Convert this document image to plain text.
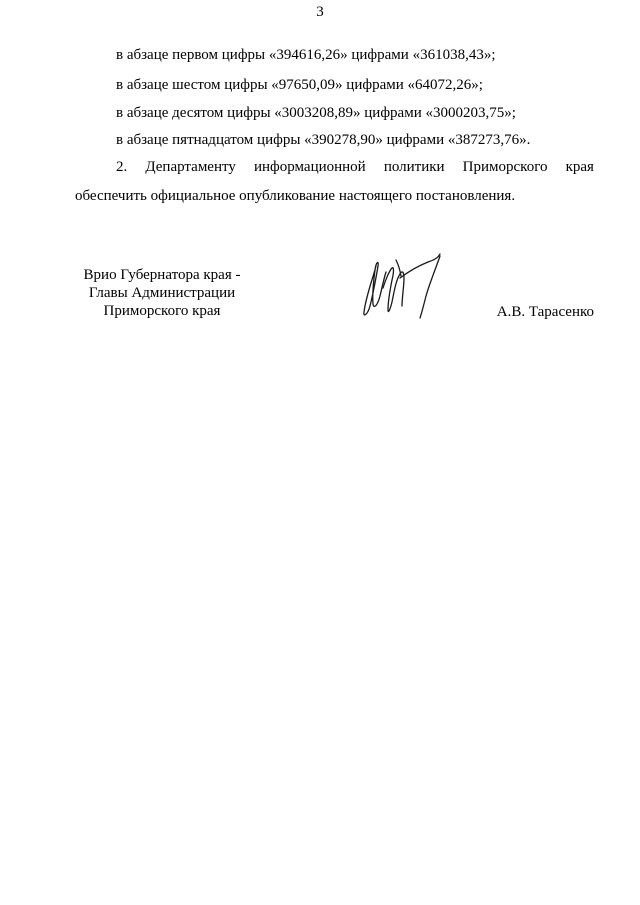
3
в абзаце первом цифры «394616,26» цифрами «361038,43»;
в абзаце шестом цифры «97650,09» цифрами «64072,26»;
в абзаце десятом цифры «3003208,89» цифрами «3000203,75»;
в абзаце пятнадцатом цифры «390278,90» цифрами «387273,76».
2. Департаменту информационной политики Приморского края
обеспечить официальное опубликование настоящего постановления.
Врио Губернатора края -
Главы Администрации
Приморского края	А.В. Тарасенко
